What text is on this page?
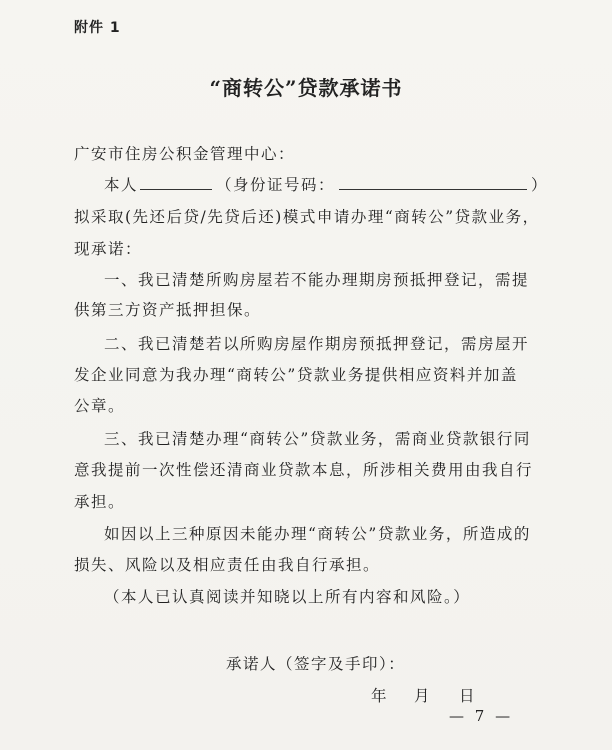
附件 1
“商转公”贷款承诺书
广安市住房公积金管理中心：
本人	（身份证号码：	）
拟采取(先还后贷/先贷后还)模式申请办理“商转公”贷款业务，
现承诺：
一、我已清楚所购房屋若不能办理期房预抵押登记，需提
供第三方资产抵押担保。
二、我已清楚若以所购房屋作期房预抵押登记，需房屋开
发企业同意为我办理“商转公”贷款业务提供相应资料并加盖
公章。
三、我已清楚办理“商转公”贷款业务，需商业贷款银行同
意我提前一次性偿还清商业贷款本息，所涉相关费用由我自行
承担。
如因以上三种原因未能办理“商转公”贷款业务，所造成的
损失、风险以及相应责任由我自行承担。
（本人已认真阅读并知晓以上所有内容和风险。）
承诺人（签字及手印）：
年 月 日
— 7 —
